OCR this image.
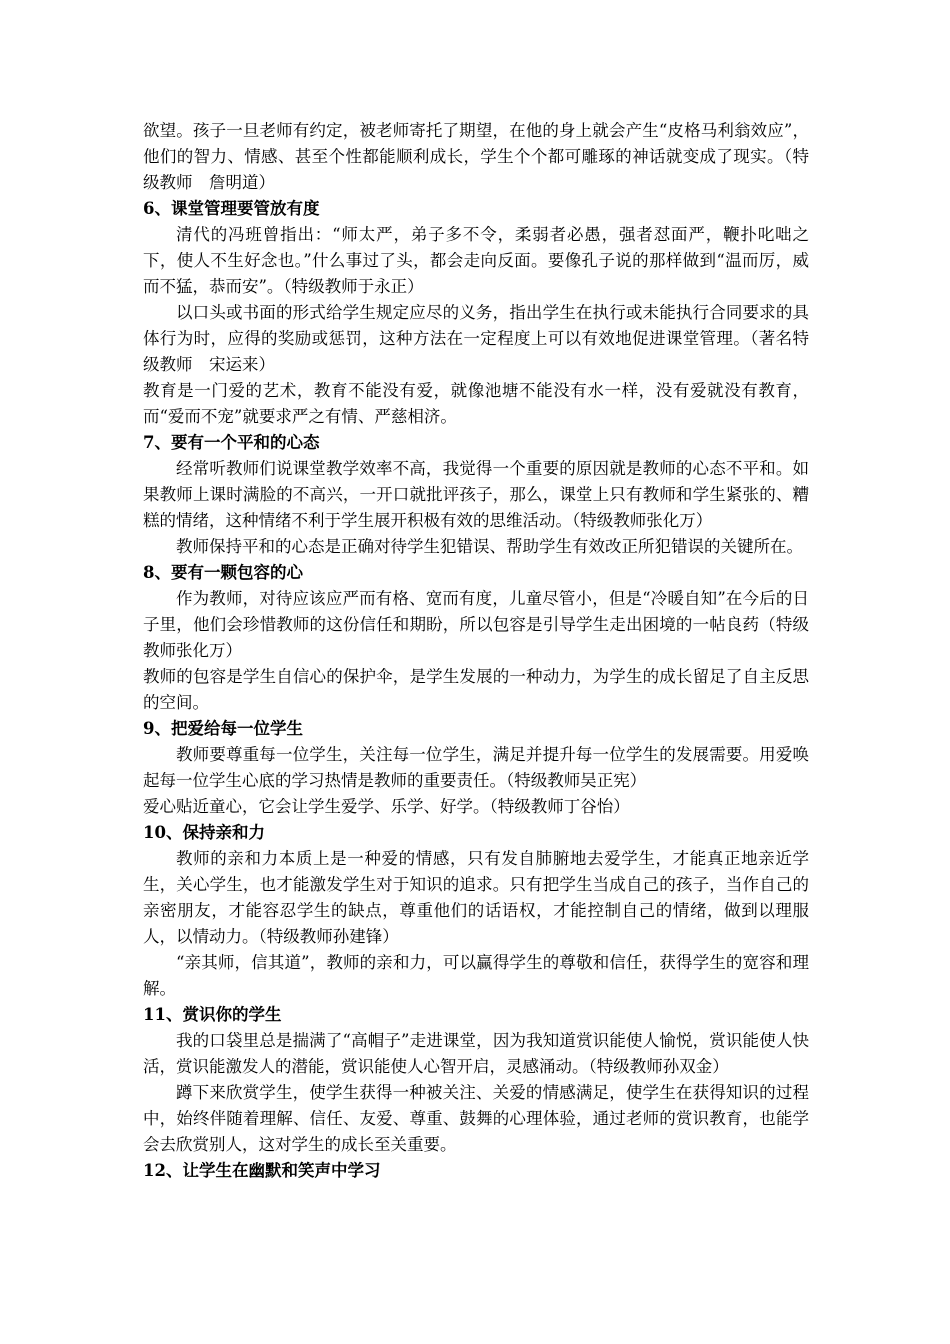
欲望。孩子一旦老师有约定，被老师寄托了期望，在他的身上就会产生“皮格马利翁效应”，他们的智力、情感、甚至个性都能顺利成长，学生个个都可雕琢的神话就变成了现实。（特级教师　詹明道）

6、课堂管理要管放有度

清代的冯班曾指出：“师太严，弟子多不令，柔弱者必愚，强者怼面严，鞭扑叱咄之下，使人不生好念也。”什么事过了头，都会走向反面。要像孔子说的那样做到“温而厉，威而不猛，恭而安”。（特级教师于永正）

以口头或书面的形式给学生规定应尽的义务，指出学生在执行或未能执行合同要求的具体行为时，应得的奖励或惩罚，这种方法在一定程度上可以有效地促进课堂管理。（著名特级教师　宋运来）

教育是一门爱的艺术，教育不能没有爱，就像池塘不能没有水一样，没有爱就没有教育，而“爱而不宠”就要求严之有情、严慈相济。

7、要有一个平和的心态

经常听教师们说课堂教学效率不高，我觉得一个重要的原因就是教师的心态不平和。如果教师上课时满脸的不高兴，一开口就批评孩子，那么，课堂上只有教师和学生紧张的、糟糕的情绪，这种情绪不利于学生展开积极有效的思维活动。（特级教师张化万）

教师保持平和的心态是正确对待学生犯错误、帮助学生有效改正所犯错误的关键所在。

8、要有一颗包容的心

作为教师，对待应该应严而有格、宽而有度，儿童尽管小，但是“冷暖自知”在今后的日子里，他们会珍惜教师的这份信任和期盼，所以包容是引导学生走出困境的一帖良药（特级教师张化万）

教师的包容是学生自信心的保护伞，是学生发展的一种动力，为学生的成长留足了自主反思的空间。

9、把爱给每一位学生

教师要尊重每一位学生，关注每一位学生，满足并提升每一位学生的发展需要。用爱唤起每一位学生心底的学习热情是教师的重要责任。（特级教师吴正宪）

爱心贴近童心，它会让学生爱学、乐学、好学。（特级教师丁谷怡）

10、保持亲和力

教师的亲和力本质上是一种爱的情感，只有发自肺腑地去爱学生，才能真正地亲近学生，关心学生，也才能激发学生对于知识的追求。只有把学生当成自己的孩子，当作自己的亲密朋友，才能容忍学生的缺点，尊重他们的话语权，才能控制自己的情绪，做到以理服人，以情动力。（特级教师孙建锋）

“亲其师，信其道”，教师的亲和力，可以赢得学生的尊敬和信任，获得学生的宽容和理解。

11、赏识你的学生

我的口袋里总是揣满了“高帽子”走进课堂，因为我知道赏识能使人愉悦，赏识能使人快活，赏识能激发人的潜能，赏识能使人心智开启，灵感涌动。（特级教师孙双金）

蹲下来欣赏学生，使学生获得一种被关注、关爱的情感满足，使学生在获得知识的过程中，始终伴随着理解、信任、友爱、尊重、鼓舞的心理体验，通过老师的赏识教育，也能学会去欣赏别人，这对学生的成长至关重要。

12、让学生在幽默和笑声中学习
